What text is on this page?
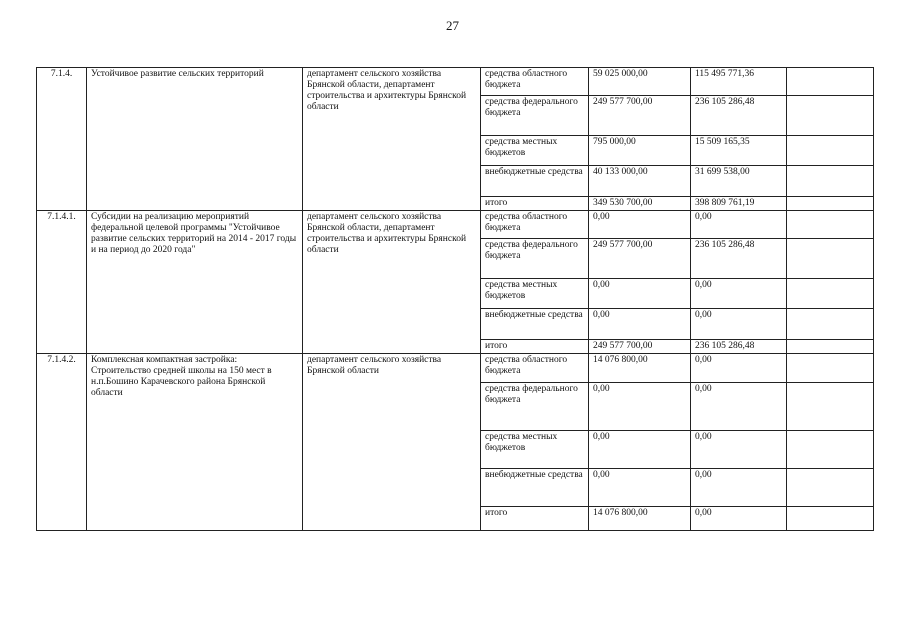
27
7.1.4.	Устойчивое развитие сельских территорий	департамент сельского хозяйства Брянской области, департамент строительства и архитектуры Брянской области	средства областного бюджета	59 025 000,00	115 495 771,36	
			средства федерального бюджета	249 577 700,00	236 105 286,48	
			средства местных бюджетов	795 000,00	15 509 165,35	
			внебюджетные средства	40 133 000,00	31 699 538,00	
			итого	349 530 700,00	398 809 761,19	
7.1.4.1.	Субсидии на реализацию мероприятий федеральной целевой программы "Устойчивое развитие сельских территорий на 2014 - 2017 годы и на период до 2020 года"	департамент сельского хозяйства Брянской области, департамент строительства и архитектуры Брянской области	средства областного бюджета	0,00	0,00	
			средства федерального бюджета	249 577 700,00	236 105 286,48	
			средства местных бюджетов	0,00	0,00	
			внебюджетные средства	0,00	0,00	
			итого	249 577 700,00	236 105 286,48	
7.1.4.2.	Комплексная компактная застройка: Строительство средней школы на 150 мест в н.п.Бошино Карачевского района Брянской области	департамент сельского хозяйства Брянской области	средства областного бюджета	14 076 800,00	0,00	
			средства федерального бюджета	0,00	0,00	
			средства местных бюджетов	0,00	0,00	
			внебюджетные средства	0,00	0,00	
			итого	14 076 800,00	0,00	
